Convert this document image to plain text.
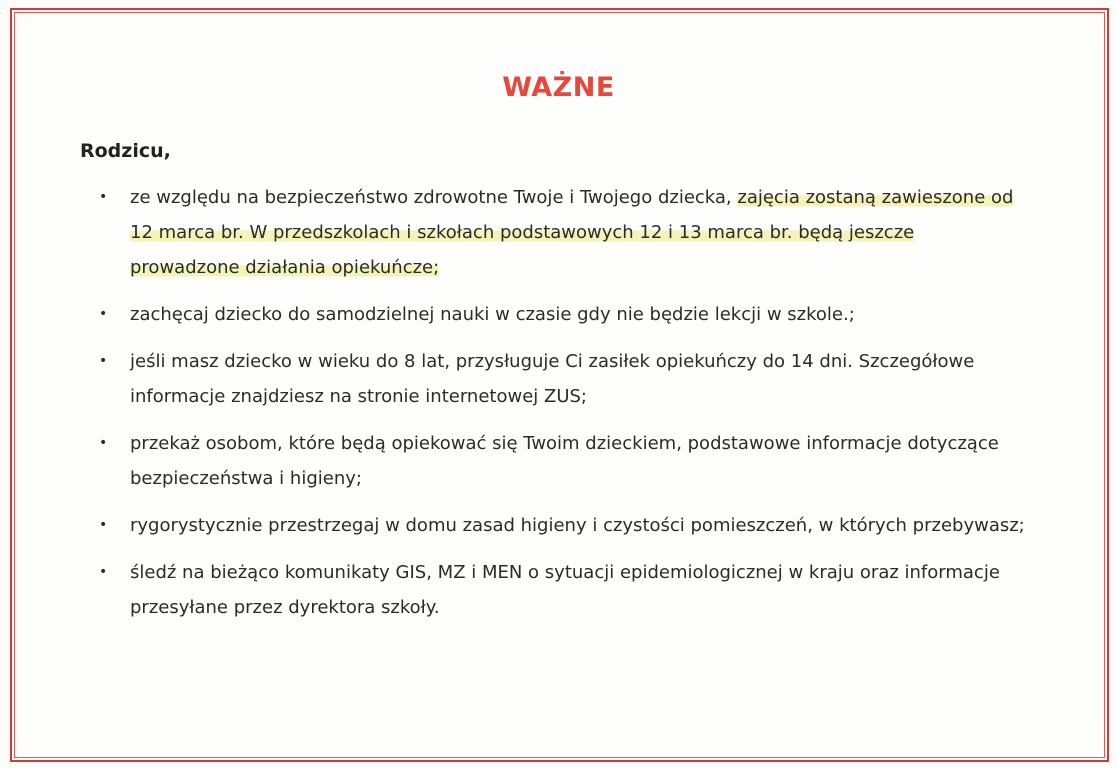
WAŻNE
Rodzicu,
• ze względu na bezpieczeństwo zdrowotne Twoje i Twojego dziecka, zajęcia zostaną zawieszone od 12 marca br. W przedszkolach i szkołach podstawowych 12 i 13 marca br. będą jeszcze prowadzone działania opiekuńcze;
• zachęcaj dziecko do samodzielnej nauki w czasie gdy nie będzie lekcji w szkole.;
• jeśli masz dziecko w wieku do 8 lat, przysługuje Ci zasiłek opiekuńczy do 14 dni. Szczegółowe informacje znajdziesz na stronie internetowej ZUS;
• przekaż osobom, które będą opiekować się Twoim dzieckiem, podstawowe informacje dotyczące bezpieczeństwa i higieny;
• rygorystycznie przestrzegaj w domu zasad higieny i czystości pomieszczeń, w których przebywasz;
• śledź na bieżąco komunikaty GIS, MZ i MEN o sytuacji epidemiologicznej w kraju oraz informacje przesyłane przez dyrektora szkoły.
